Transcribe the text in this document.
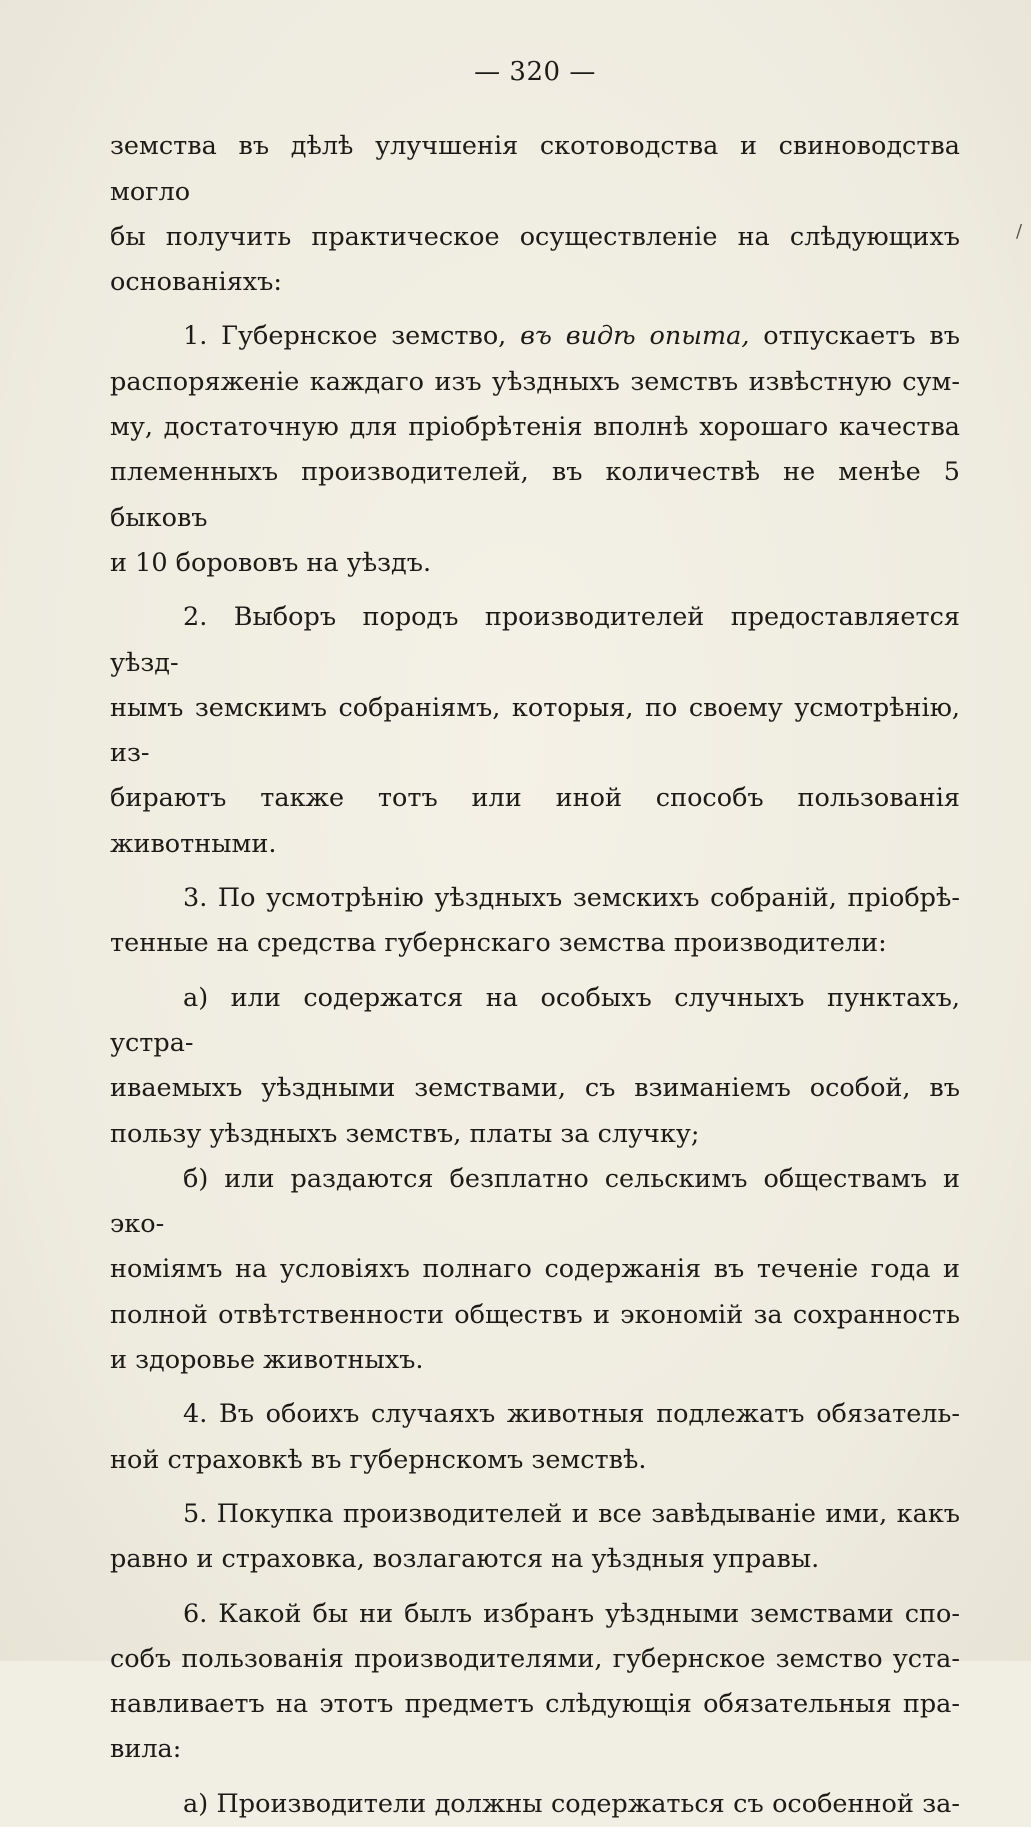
/
— 320 —

земства въ дѣлѣ улучшенія скотоводства и свиноводства могло

бы получить практическое осуществленіе на слѣдующихъ

основаніяхъ:

1. Губернское земство, въ видѣ опыта, отпускаетъ въ

распоряженіе каждаго изъ уѣздныхъ земствъ извѣстную сум-

му, достаточную для пріобрѣтенія вполнѣ хорошаго качества

племенныхъ производителей, въ количествѣ не менѣе 5 быковъ

и 10 борововъ на уѣздъ.

2. Выборъ породъ производителей предоставляется уѣзд-

нымъ земскимъ собраніямъ, которыя, по своему усмотрѣнію, из-

бираютъ также тотъ или иной способъ пользованія животными.

3. По усмотрѣнію уѣздныхъ земскихъ собраній, пріобрѣ-

тенные на средства губернскаго земства производители:

а) или содержатся на особыхъ случныхъ пунктахъ, устра-

иваемыхъ уѣздными земствами, съ взиманіемъ особой, въ

пользу уѣздныхъ земствъ, платы за случку;

б) или раздаются безплатно сельскимъ обществамъ и эко-

номіямъ на условіяхъ полнаго содержанія въ теченіе года и

полной отвѣтственности обществъ и экономій за сохранность

и здоровье животныхъ.

4. Въ обоихъ случаяхъ животныя подлежатъ обязатель-

ной страховкѣ въ губернскомъ земствѣ.

5. Покупка производителей и все завѣдываніе ими, какъ

равно и страховка, возлагаются на уѣздныя управы.

6. Какой бы ни былъ избранъ уѣздными земствами спо-

собъ пользованія производителями, губернское земство уста-

навливаетъ на этотъ предметъ слѣдующія обязательныя пра-

вила:

а) Производители должны содержаться съ особенной за-
